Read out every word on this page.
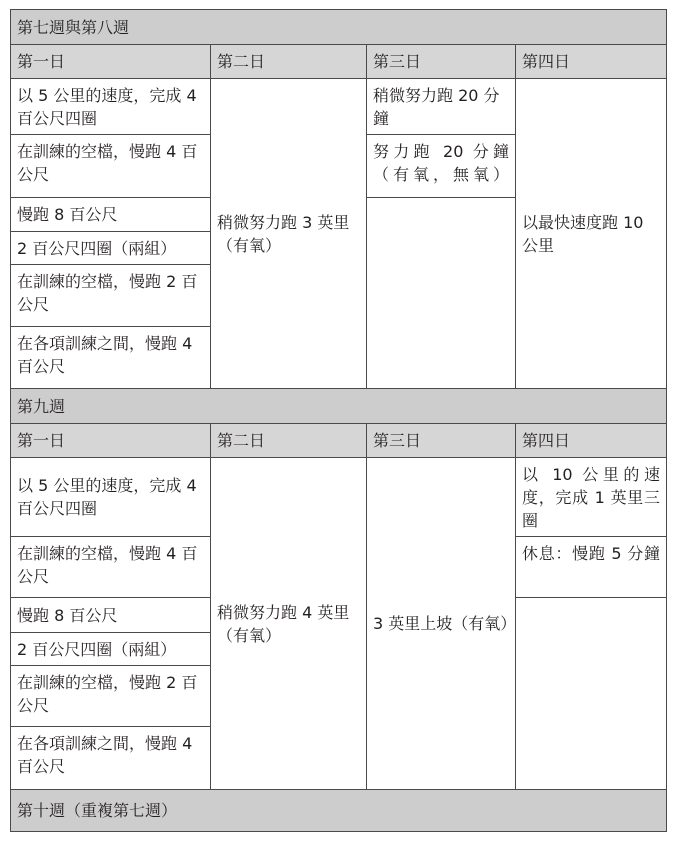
第七週與第八週			
第一日	第二日	第三日	第四日
以 5 公里的速度，完成 4 百公尺四圈	稍微努力跑 3 英里（有氧）	稍微努力跑 20 分鐘	以最快速度跑 10 公里
在訓練的空檔，慢跑 4 百公尺		努力跑 20 分鐘（有氧，無氧）	
慢跑 8 百公尺			
2 百公尺四圈（兩組）			
在訓練的空檔，慢跑 2 百公尺			
在各項訓練之間，慢跑 4 百公尺			
第九週			
第一日	第二日	第三日	第四日
以 5 公里的速度，完成 4 百公尺四圈	稍微努力跑 4 英里（有氧）	3 英里上坡（有氧）	以 10 公里的速度，完成 1 英里三圈
在訓練的空檔，慢跑 4 百公尺			休息：慢跑 5 分鐘
慢跑 8 百公尺			
2 百公尺四圈（兩組）			
在訓練的空檔，慢跑 2 百公尺			
在各項訓練之間，慢跑 4 百公尺			
第十週（重複第七週）			
